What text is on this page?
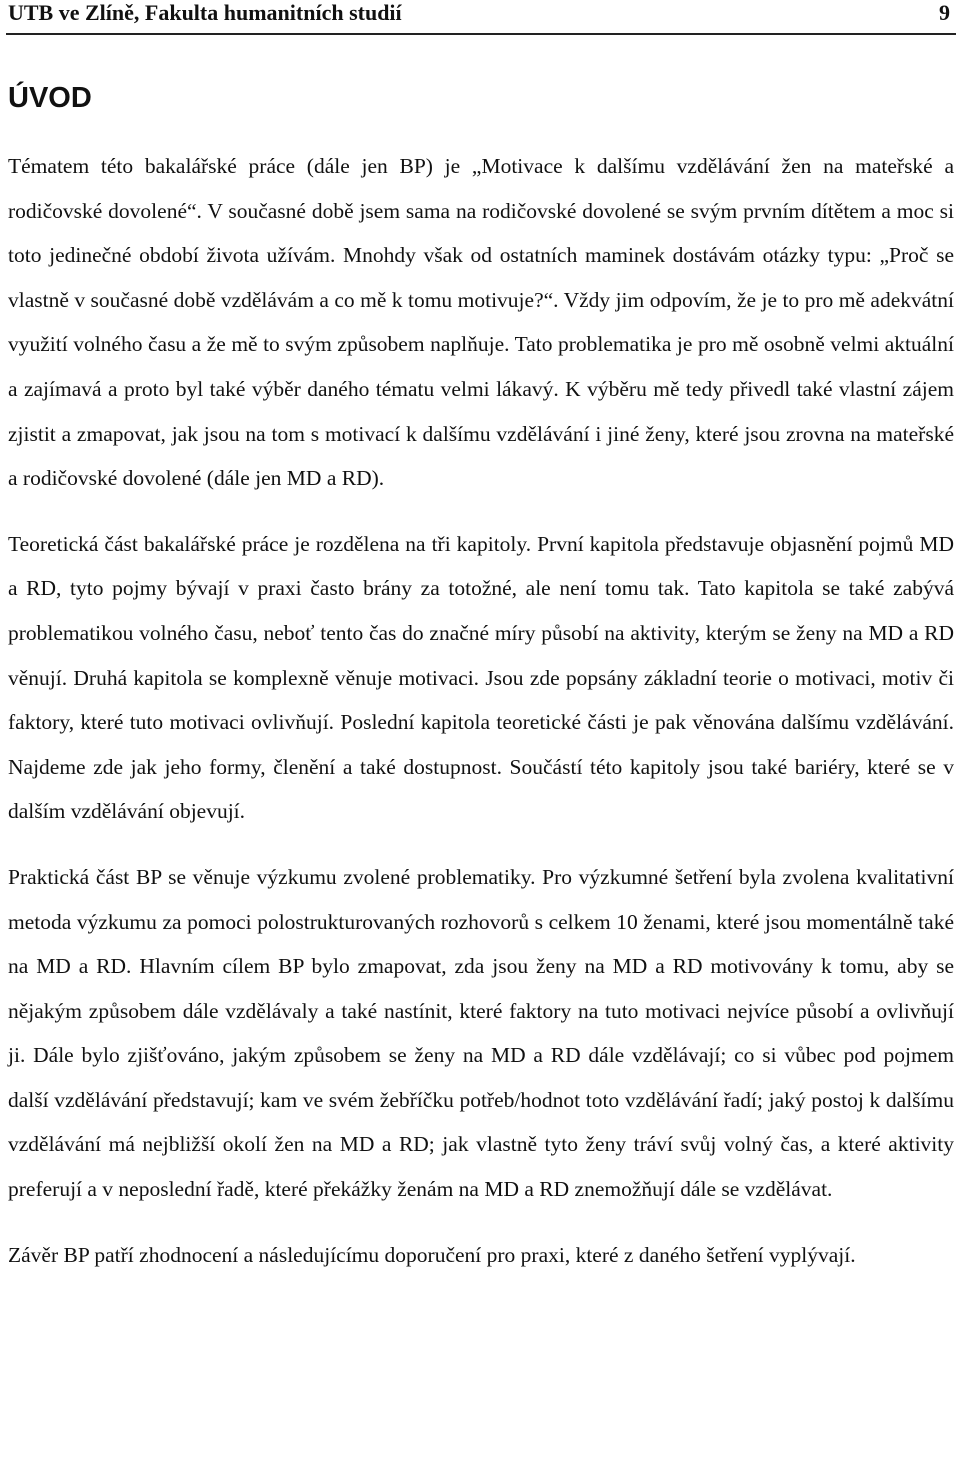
UTB ve Zlíně, Fakulta humanitních studií	9
ÚVOD

Tématem této bakalářské práce (dále jen BP) je „Motivace k dalšímu vzdělávání žen na mateřské a rodičovské dovolené“. V současné době jsem sama na rodičovské dovolené se svým prvním dítětem a moc si toto jedinečné období života užívám. Mnohdy však od ostatních maminek dostávám otázky typu: „Proč se vlastně v současné době vzdělávám a co mě k tomu motivuje?“. Vždy jim odpovím, že je to pro mě adekvátní využití volného času a že mě to svým způsobem naplňuje. Tato problematika je pro mě osobně velmi aktuální a zajímavá a proto byl také výběr daného tématu velmi lákavý. K výběru mě tedy přivedl také vlastní zájem zjistit a zmapovat, jak jsou na tom s motivací k dalšímu vzdělávání i jiné ženy, které jsou zrovna na mateřské a rodičovské dovolené (dále jen MD a RD).

Teoretická část bakalářské práce je rozdělena na tři kapitoly. První kapitola představuje objasnění pojmů MD a RD, tyto pojmy bývají v praxi často brány za totožné, ale není tomu tak. Tato kapitola se také zabývá problematikou volného času, neboť tento čas do značné míry působí na aktivity, kterým se ženy na MD a RD věnují. Druhá kapitola se komplexně věnuje motivaci. Jsou zde popsány základní teorie o motivaci, motiv či faktory, které tuto motivaci ovlivňují. Poslední kapitola teoretické části je pak věnována dalšímu vzdělávání. Najdeme zde jak jeho formy, členění a také dostupnost. Součástí této kapitoly jsou také bariéry, které se v dalším vzdělávání objevují.

Praktická část BP se věnuje výzkumu zvolené problematiky. Pro výzkumné šetření byla zvolena kvalitativní metoda výzkumu za pomoci polostrukturovaných rozhovorů s celkem 10 ženami, které jsou momentálně také na MD a RD. Hlavním cílem BP bylo zmapovat, zda jsou ženy na MD a RD motivovány k tomu, aby se nějakým způsobem dále vzdělávaly a také nastínit, které faktory na tuto motivaci nejvíce působí a ovlivňují ji. Dále bylo zjišťováno, jakým způsobem se ženy na MD a RD dále vzdělávají; co si vůbec pod pojmem další vzdělávání představují; kam ve svém žebříčku potřeb/hodnot toto vzdělávání řadí; jaký postoj k dalšímu vzdělávání má nejbližší okolí žen na MD a RD; jak vlastně tyto ženy tráví svůj volný čas, a které aktivity preferují a v neposlední řadě, které překážky ženám na MD a RD znemožňují dále se vzdělávat.

Závěr BP patří zhodnocení a následujícímu doporučení pro praxi, které z daného šetření vyplývají.
